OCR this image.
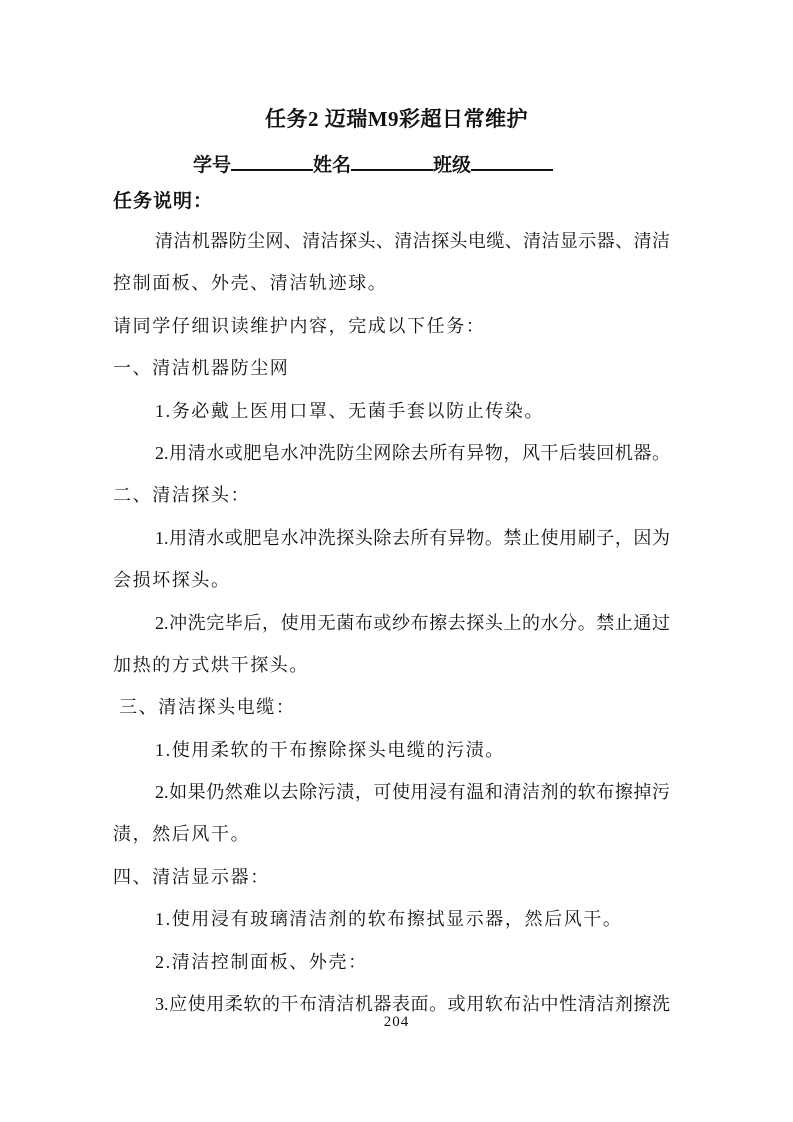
任务2 迈瑞M9彩超日常维护
学号	姓名	班级
任务说明：
清洁机器防尘网、清洁探头、清洁探头电缆、清洁显示器、清洁
控制面板、外壳、清洁轨迹球。
请同学仔细识读维护内容，完成以下任务：
一、清洁机器防尘网
1.务必戴上医用口罩、无菌手套以防止传染。
2.用清水或肥皂水冲洗防尘网除去所有异物，风干后装回机器。
二、清洁探头：
1.用清水或肥皂水冲洗探头除去所有异物。禁止使用刷子，因为
会损坏探头。
2.冲洗完毕后，使用无菌布或纱布擦去探头上的水分。禁止通过
加热的方式烘干探头。
三、清洁探头电缆：
1.使用柔软的干布擦除探头电缆的污渍。
2.如果仍然难以去除污渍，可使用浸有温和清洁剂的软布擦掉污
渍，然后风干。
四、清洁显示器：
1.使用浸有玻璃清洁剂的软布擦拭显示器，然后风干。
2.清洁控制面板、外壳：
3.应使用柔软的干布清洁机器表面。或用软布沾中性清洁剂擦洗
204
